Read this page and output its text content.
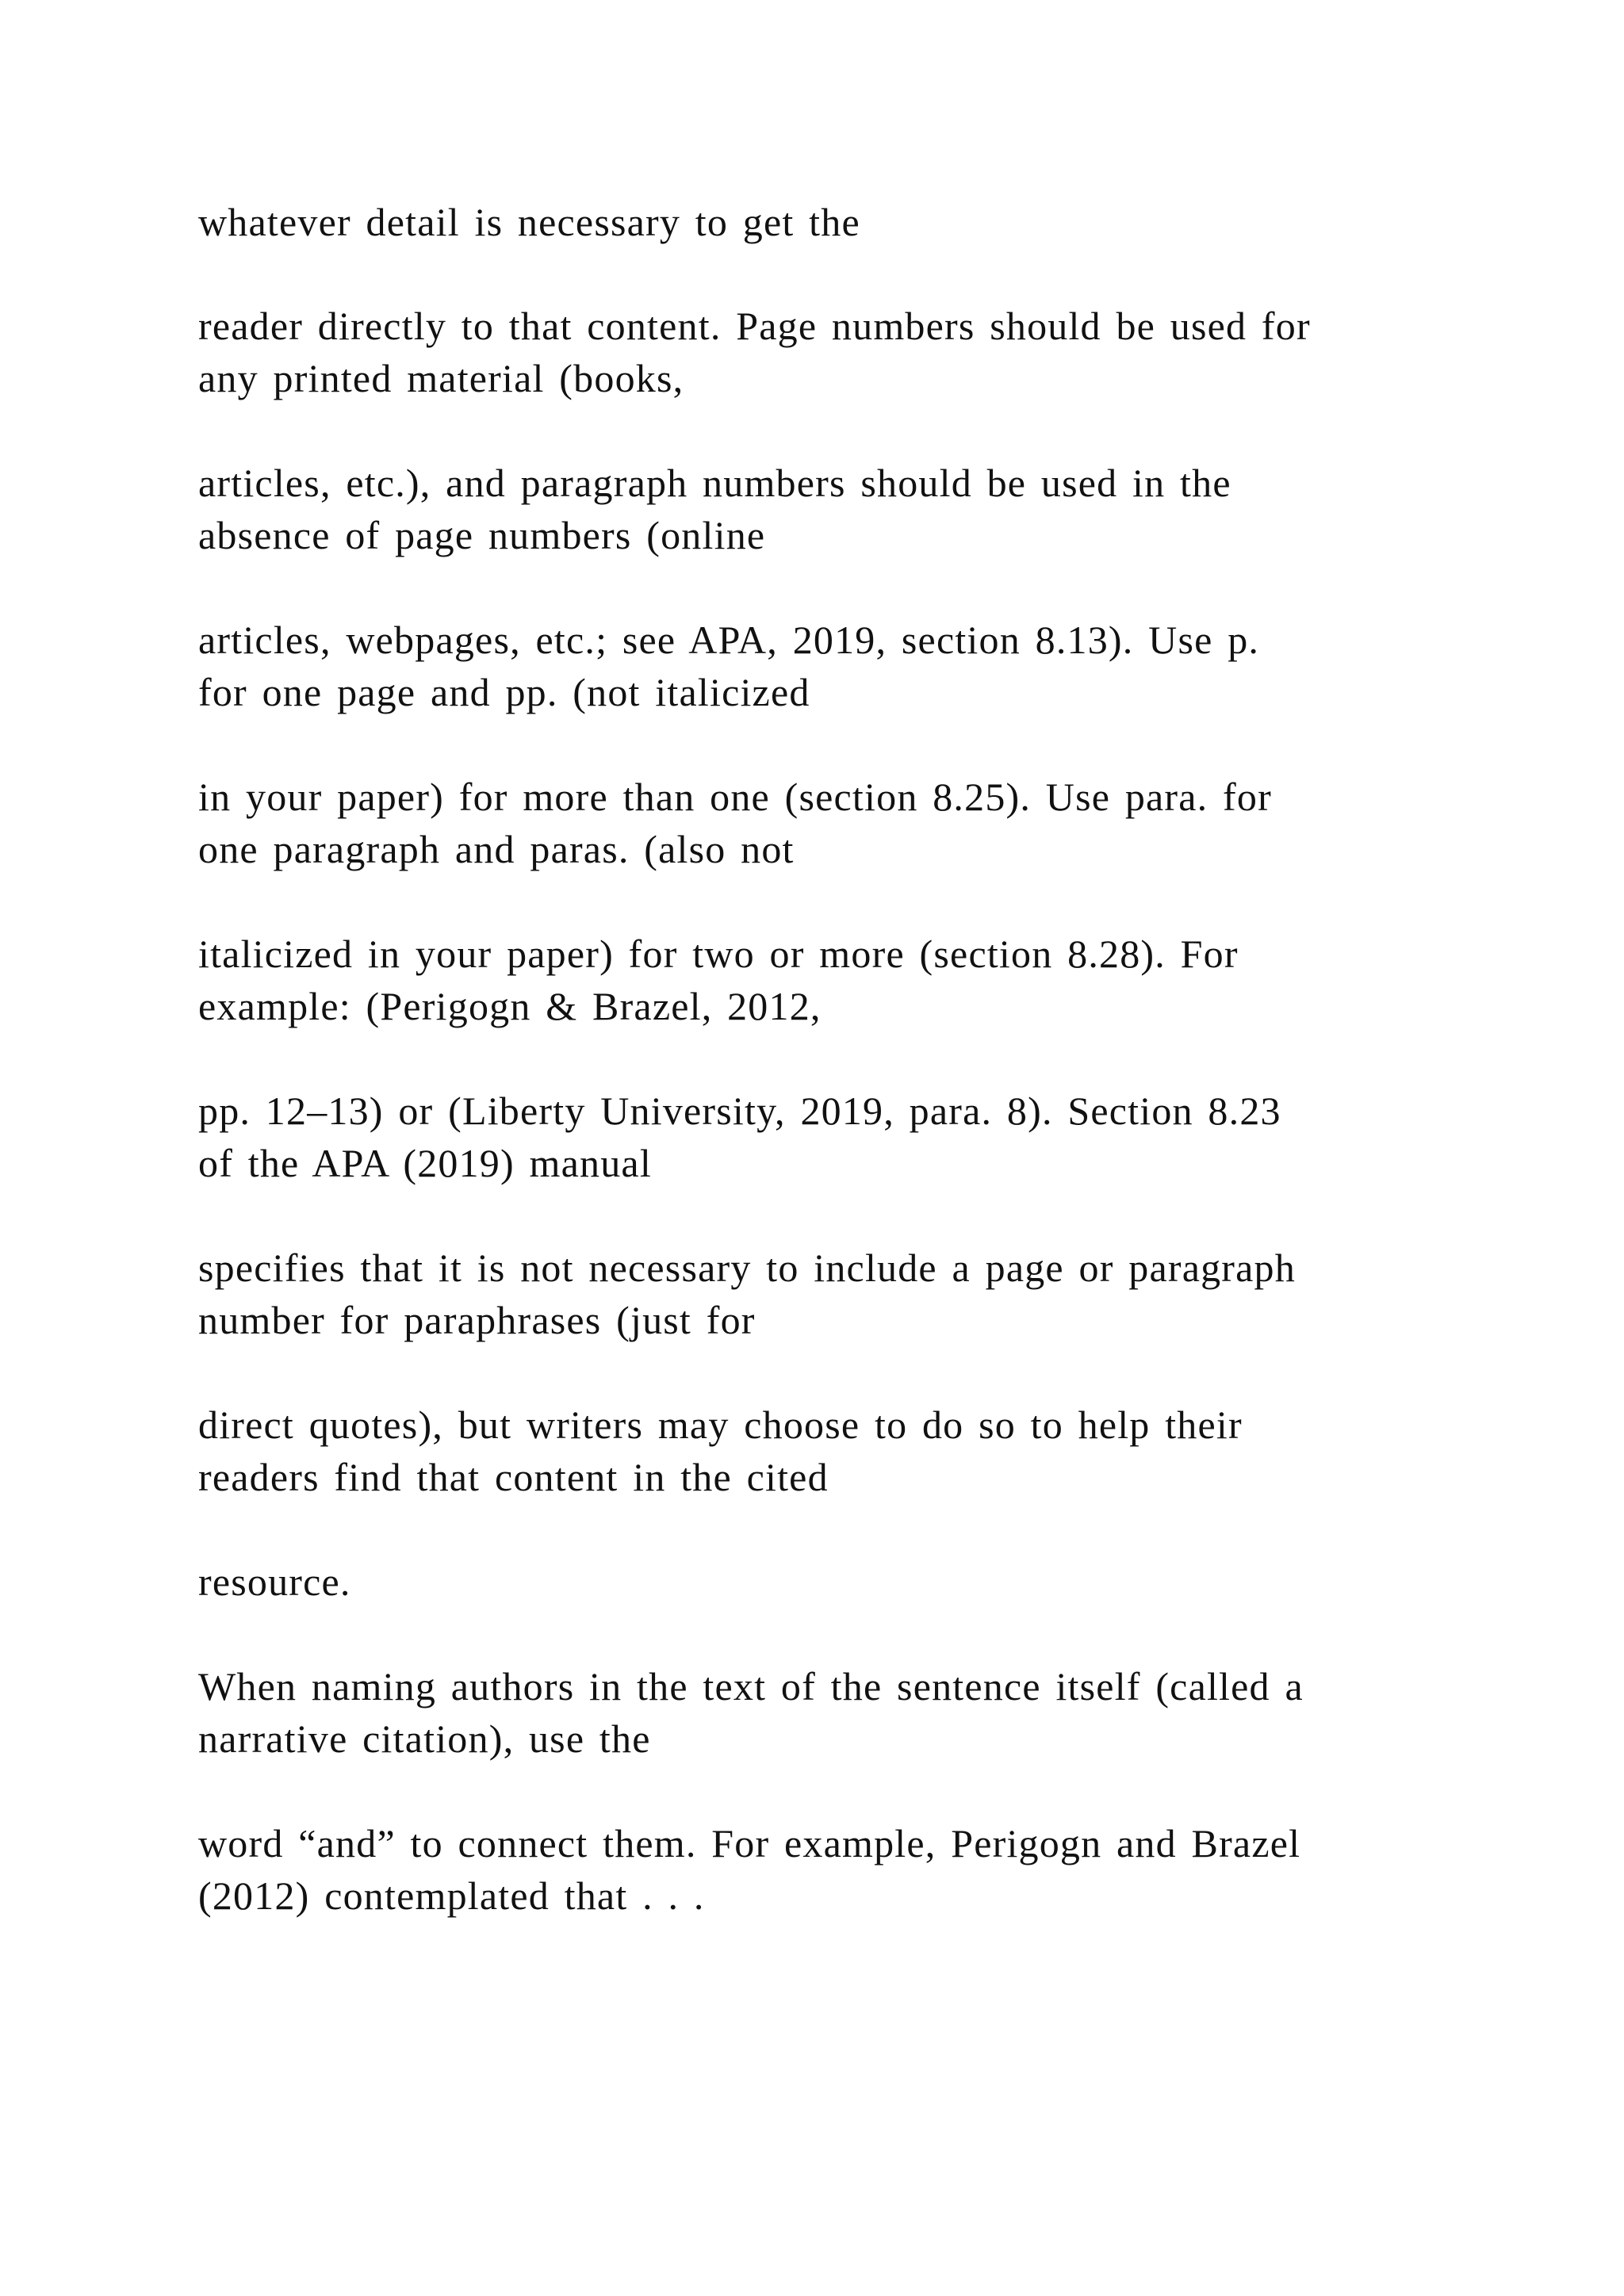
whatever detail is necessary to get the
reader directly to that content. Page numbers should be used for
any printed material (books,
articles, etc.), and paragraph numbers should be used in the
absence of page numbers (online
articles, webpages, etc.; see APA, 2019, section 8.13). Use p.
for one page and pp. (not italicized
in your paper) for more than one (section 8.25). Use para. for
one paragraph and paras. (also not
italicized in your paper) for two or more (section 8.28). For
example: (Perigogn & Brazel, 2012,
pp. 12–13) or (Liberty University, 2019, para. 8). Section 8.23
of the APA (2019) manual
specifies that it is not necessary to include a page or paragraph
number for paraphrases (just for
direct quotes), but writers may choose to do so to help their
readers find that content in the cited
resource.
When naming authors in the text of the sentence itself (called a
narrative citation), use the
word “and” to connect them. For example, Perigogn and Brazel
(2012) contemplated that . . .
